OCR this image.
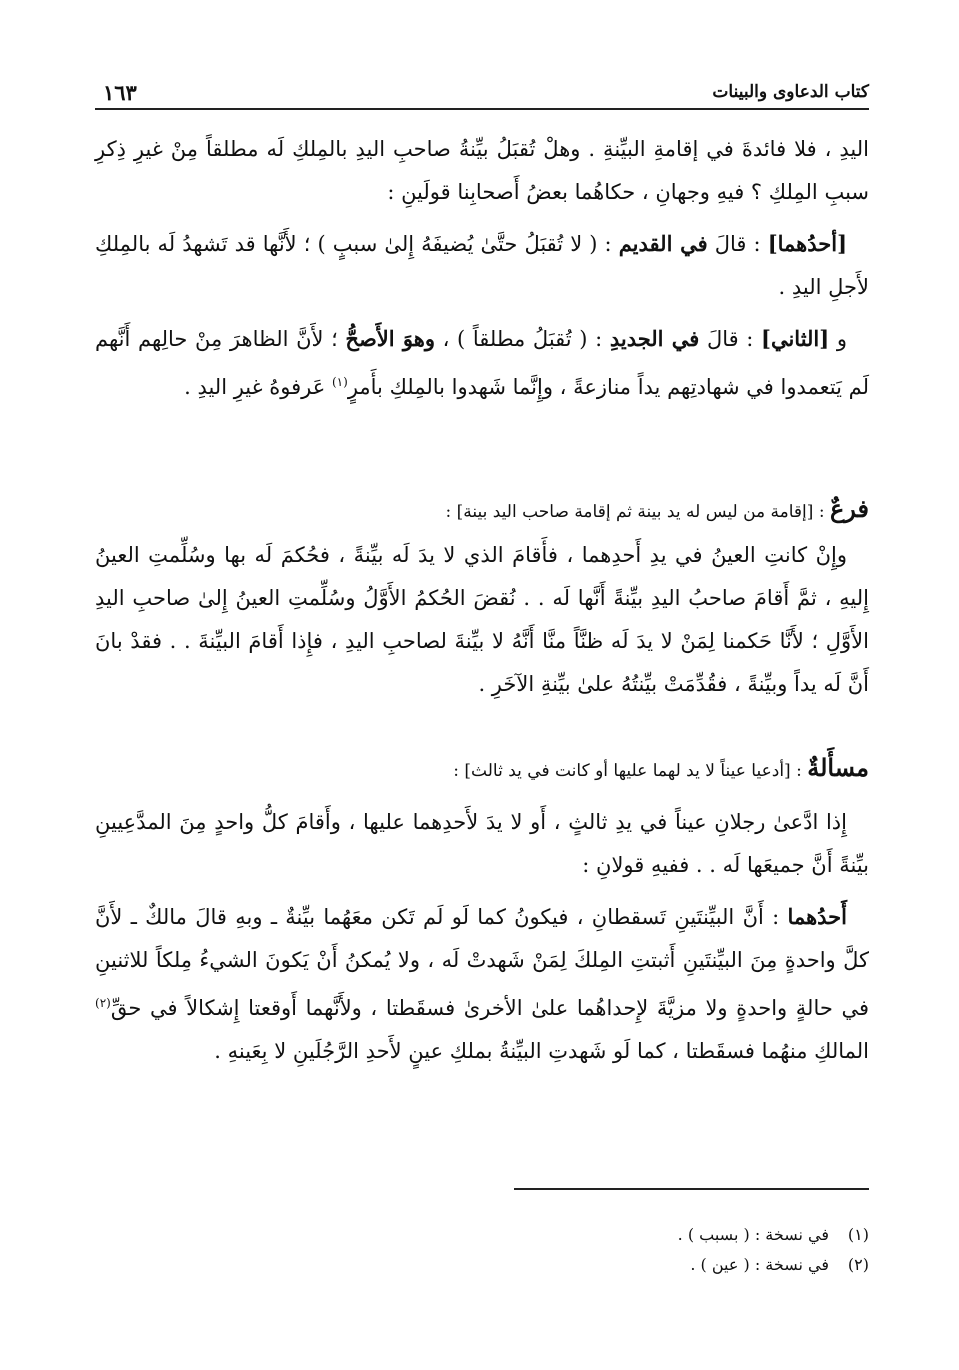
كتاب الدعاوى والبينات
١٦٣

اليدِ ، فلا فائدةَ في إقامةِ البيِّنةِ . وهلْ تُقبَلُ بيِّنةُ صاحبِ اليدِ بالمِلكِ لَه مطلقاً مِنْ غيرِ ذِكرِ سببِ المِلكِ ؟ فيهِ وجهانِ ، حكاهُما بعضُ أَصحابِنا قولَينِ :

[أحدُهما] : قالَ في القديم : ( لا تُقبَلُ حتَّىٰ يُضيفَهُ إِلىٰ سببٍ ) ؛ لأَنَّها قد تَشهدُ لَه بالمِلكِ لأَجلِ اليدِ .

و [الثاني] : قالَ في الجديدِ : ( تُقبَلُ مطلقاً ) ، وهوَ الأَصحُّ ؛ لأَنَّ الظاهرَ مِنْ حالِهم أَنَّهم لَم يَتعمدوا في شهادتِهم يداً منازعةً ، وإِنَّما شَهدوا بالمِلكِ بأَمرٍ$^{(١)}$ عَرفوهُ غيرِ اليدِ .

فرعٌ : [إقامة من ليس له يد بينة ثم إقامة صاحب اليد بينة] :

وإِنْ كانتِ العينُ في يدِ أَحدِهما ، فأَقامَ الذي لا يدَ لَه بيِّنةً ، فحُكمَ لَه بها وسُلِّمتِ العينُ إِليهِ ، ثمَّ أَقامَ صاحبُ اليدِ بيِّنةً أَنَّها لَه . . نُقضَ الحُكمُ الأَوَّلُ وسُلِّمتِ العينُ إِلىٰ صاحبِ اليدِ الأَوَّلِ ؛ لأَنَّا حَكمنا لِمَنْ لا يدَ لَه ظنَّاً منَّا أَنَّهُ لا بيِّنةَ لصاحبِ اليدِ ، فإِذا أَقامَ البيِّنةَ . . فقدْ بانَ أَنَّ لَه يداً وبيِّنةً ، فقُدِّمَتْ بيِّنتُهُ علىٰ بيِّنةِ الآخَرِ .

مسأَلةٌ : [أدعيا عيناً لا يد لهما عليها أو كانت في يد ثالث] :

إِذا ادَّعىٰ رجلانِ عيناً في يدِ ثالثٍ ، أَو لا يدَ لأَحدِهما عليها ، وأَقامَ كلُّ واحدٍ مِنَ المدَّعِيينِ بيِّنةً أَنَّ جميعَها لَه . . ففيهِ قولانِ :

أَحدُهما : أَنَّ البيِّنتَينِ تَسقطانِ ، فيكونُ كما لَو لَم تَكن معَهُما بيِّنةٌ ـ وبهِ قالَ مالكٌ ـ لأَنَّ كلَّ واحدةٍ مِنَ البيِّنتَينِ أَثبتتِ المِلكَ لِمَنْ شَهدتْ لَه ، ولا يُمكنُ أَنْ يَكونَ الشيءُ مِلكاً للاثنينِ في حالةٍ واحدةٍ ولا مزيَّةَ لإِحداهُما علىٰ الأخرىٰ فسقَطتا ، ولأَنَّهما أَوقعتا إِشكالاً في حقِّ$^{(٢)}$ المالكِ منهُما فسقَطتا ، كما لَو شَهدتِ البيِّنةُ بملكِ عينٍ لأَحدِ الرَّجُلَينِ لا بِعَينهِ .

(١)في نسخة : ( بسبب ) .

(٢)في نسخة : ( عين ) .
